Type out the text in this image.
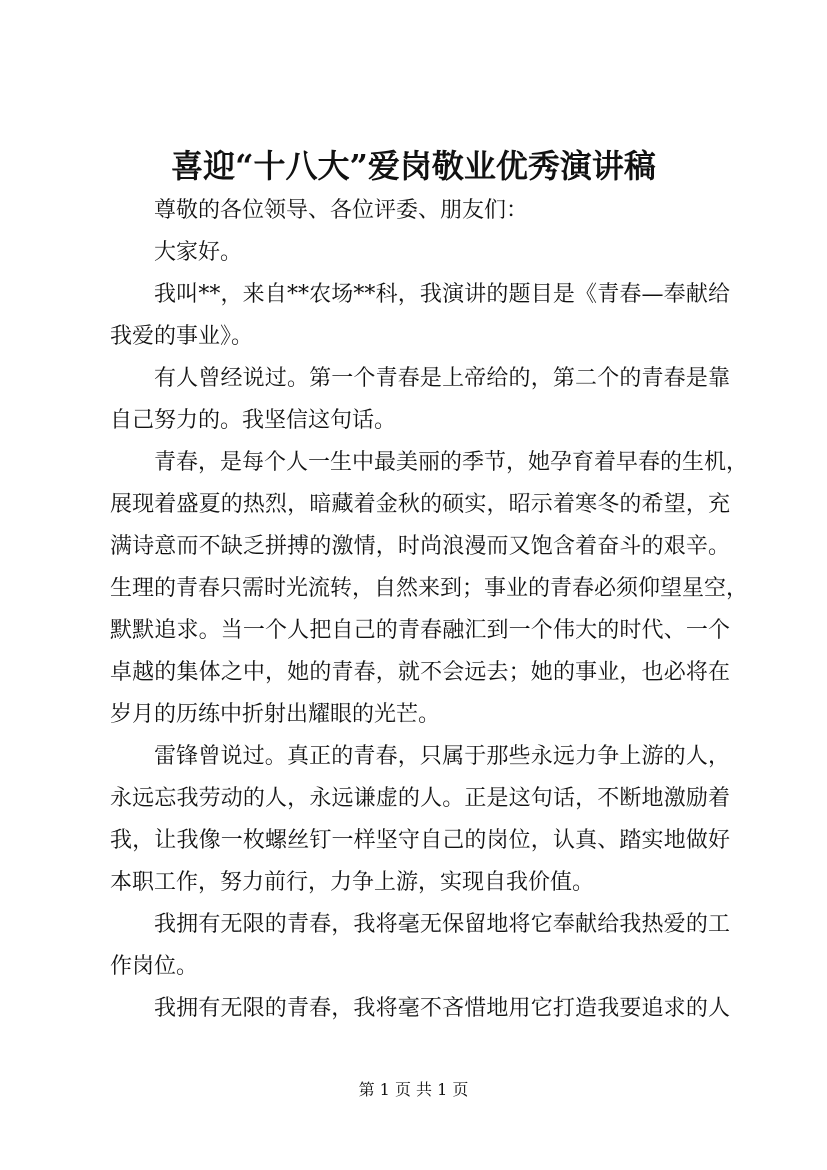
喜迎“十八大”爱岗敬业优秀演讲稿
尊敬的各位领导、各位评委、朋友们：
大家好。
我叫**，来自**农场**科，我演讲的题目是《青春—奉献给
我爱的事业》。
有人曾经说过。第一个青春是上帝给的，第二个的青春是靠
自己努力的。我坚信这句话。
青春，是每个人一生中最美丽的季节，她孕育着早春的生机，
展现着盛夏的热烈，暗藏着金秋的硕实，昭示着寒冬的希望，充
满诗意而不缺乏拼搏的激情，时尚浪漫而又饱含着奋斗的艰辛。
生理的青春只需时光流转，自然来到；事业的青春必须仰望星空，
默默追求。当一个人把自己的青春融汇到一个伟大的时代、一个
卓越的集体之中，她的青春，就不会远去；她的事业，也必将在
岁月的历练中折射出耀眼的光芒。
雷锋曾说过。真正的青春，只属于那些永远力争上游的人，
永远忘我劳动的人，永远谦虚的人。正是这句话，不断地激励着
我，让我像一枚螺丝钉一样坚守自己的岗位，认真、踏实地做好
本职工作，努力前行，力争上游，实现自我价值。
我拥有无限的青春，我将毫无保留地将它奉献给我热爱的工
作岗位。
我拥有无限的青春，我将毫不吝惜地用它打造我要追求的人
第 1 页 共 1 页
